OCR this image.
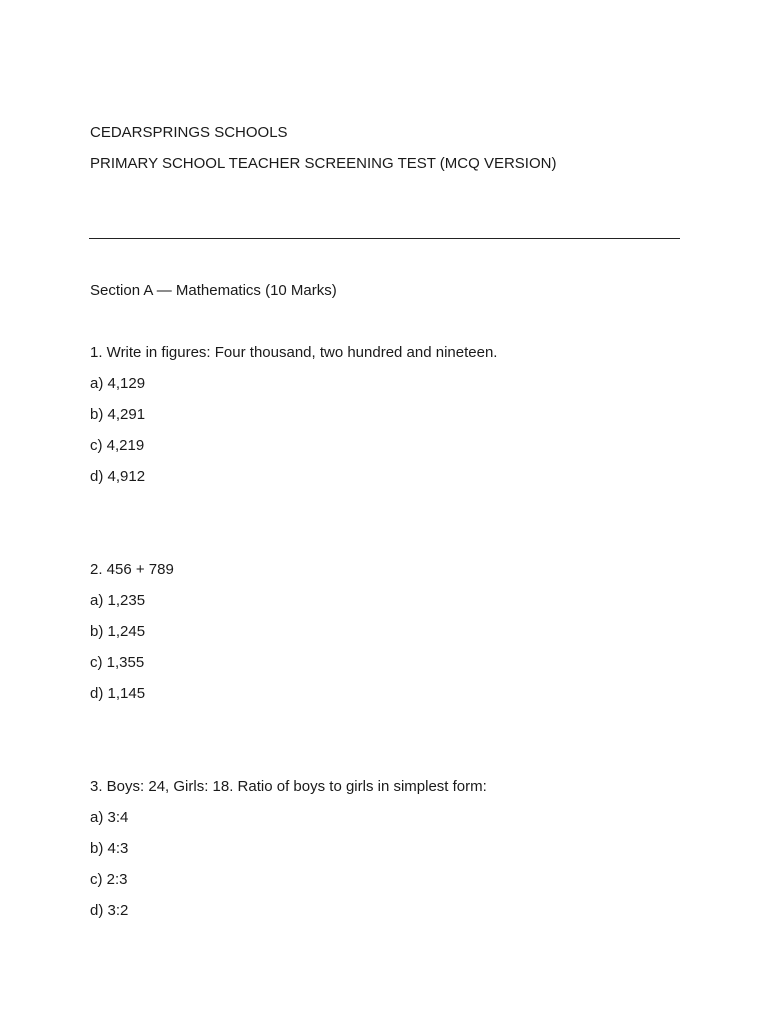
CEDARSPRINGS SCHOOLS
PRIMARY SCHOOL TEACHER SCREENING TEST (MCQ VERSION)
Section A — Mathematics (10 Marks)
1. Write in figures: Four thousand, two hundred and nineteen.
a) 4,129
b) 4,291
c) 4,219
d) 4,912
2. 456 + 789
a) 1,235
b) 1,245
c) 1,355
d) 1,145
3. Boys: 24, Girls: 18. Ratio of boys to girls in simplest form:
a) 3:4
b) 4:3
c) 2:3
d) 3:2
